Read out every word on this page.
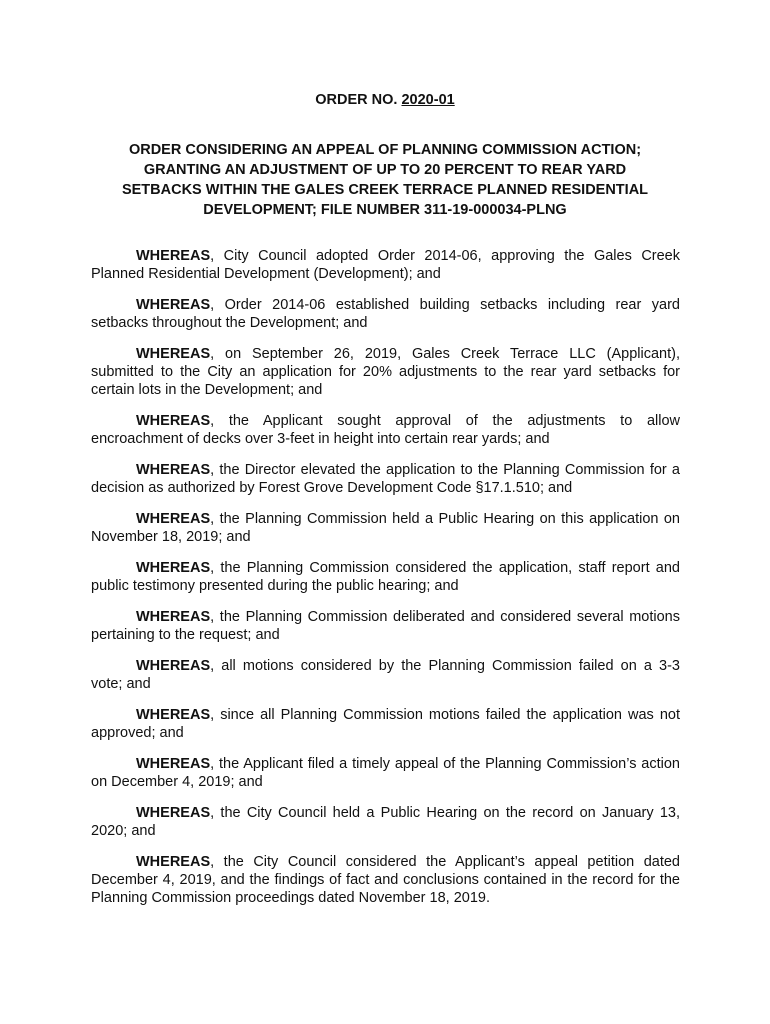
ORDER NO. 2020-01
ORDER CONSIDERING AN APPEAL OF PLANNING COMMISSION ACTION;
GRANTING AN ADJUSTMENT OF UP TO 20 PERCENT TO REAR YARD
SETBACKS WITHIN THE GALES CREEK TERRACE PLANNED RESIDENTIAL
DEVELOPMENT; FILE NUMBER 311-19-000034-PLNG

WHEREAS, City Council adopted Order 2014-06, approving the Gales Creek Planned Residential Development (Development); and

WHEREAS, Order 2014-06 established building setbacks including rear yard setbacks throughout the Development; and

WHEREAS, on September 26, 2019, Gales Creek Terrace LLC (Applicant), submitted to the City an application for 20% adjustments to the rear yard setbacks for certain lots in the Development; and

WHEREAS, the Applicant sought approval of the adjustments to allow encroachment of decks over 3-feet in height into certain rear yards; and

WHEREAS, the Director elevated the application to the Planning Commission for a decision as authorized by Forest Grove Development Code §17.1.510; and

WHEREAS, the Planning Commission held a Public Hearing on this application on November 18, 2019; and

WHEREAS, the Planning Commission considered the application, staff report and public testimony presented during the public hearing; and

WHEREAS, the Planning Commission deliberated and considered several motions pertaining to the request; and

WHEREAS, all motions considered by the Planning Commission failed on a 3-3 vote; and

WHEREAS, since all Planning Commission motions failed the application was not approved; and

WHEREAS, the Applicant filed a timely appeal of the Planning Commission’s action on December 4, 2019; and

WHEREAS, the City Council held a Public Hearing on the record on January 13, 2020; and

WHEREAS, the City Council considered the Applicant’s appeal petition dated December 4, 2019, and the findings of fact and conclusions contained in the record for the Planning Commission proceedings dated November 18, 2019.
